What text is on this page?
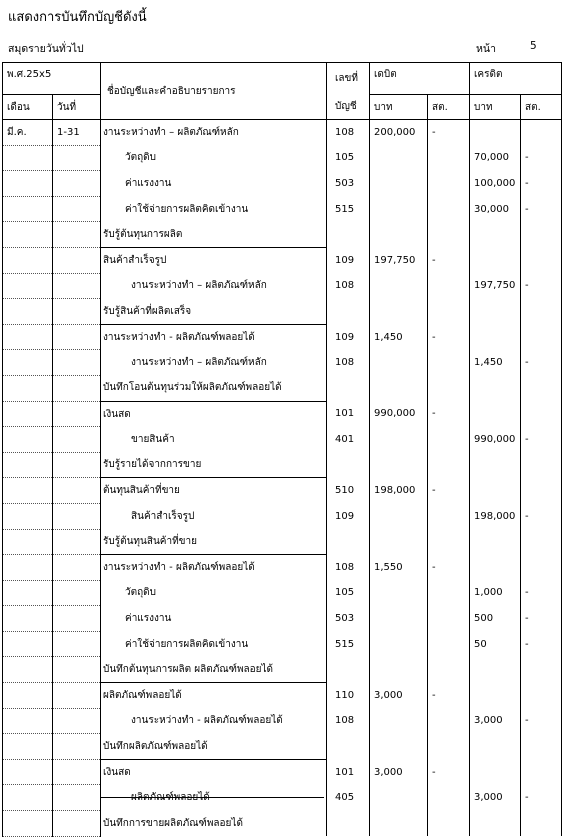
แสดงการบันทึกบัญชีดังนี้
สมุดรายวันทั่วไป	หน้า	5
พ.ศ.25x5		ชื่อบัญชีและคำอธิบายรายการ	เลขที่	เดบิต		เครดิต	
เดือน	วันที่		บัญชี	บาท	สต.	บาท	สต.
มี.ค.	1-31	งานระหว่างทำ – ผลิตภัณฑ์หลัก	108	200,000	-		
		วัตถุดิบ	105			70,000	-
		ค่าแรงงาน	503			100,000	-
		ค่าใช้จ่ายการผลิตคิดเข้างาน	515			30,000	-
		รับรู้ต้นทุนการผลิต					
		สินค้าสำเร็จรูป	109	197,750	-		
		งานระหว่างทำ – ผลิตภัณฑ์หลัก	108			197,750	-
		รับรู้สินค้าที่ผลิตเสร็จ					
		งานระหว่างทำ - ผลิตภัณฑ์พลอยได้	109	1,450	-		
		งานระหว่างทำ – ผลิตภัณฑ์หลัก	108			1,450	-
		บันทึกโอนต้นทุนร่วมให้ผลิตภัณฑ์พลอยได้					
		เงินสด	101	990,000	-		
		ขายสินค้า	401			990,000	-
		รับรู้รายได้จากการขาย					
		ต้นทุนสินค้าที่ขาย	510	198,000	-		
		สินค้าสำเร็จรูป	109			198,000	-
		รับรู้ต้นทุนสินค้าที่ขาย					
		งานระหว่างทำ - ผลิตภัณฑ์พลอยได้	108	1,550	-		
		วัตถุดิบ	105			1,000	-
		ค่าแรงงาน	503			500	-
		ค่าใช้จ่ายการผลิตคิดเข้างาน	515			50	-
		บันทึกต้นทุนการผลิต ผลิตภัณฑ์พลอยได้					
		ผลิตภัณฑ์พลอยได้	110	3,000	-		
		งานระหว่างทำ - ผลิตภัณฑ์พลอยได้	108			3,000	-
		บันทึกผลิตภัณฑ์พลอยได้					
		เงินสด	101	3,000	-		
		ผลิตภัณฑ์พลอยได้	405			3,000	-
		บันทึกการขายผลิตภัณฑ์พลอยได้					
